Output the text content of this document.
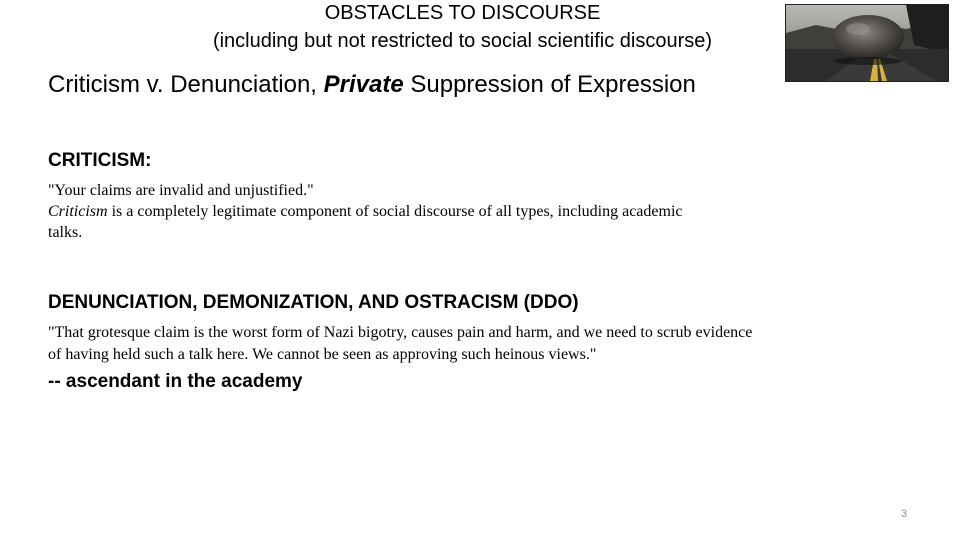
OBSTACLES TO DISCOURSE
(including but not restricted to social scientific discourse)
Criticism v. Denunciation, Private Suppression of Expression
CRITICISM:
"Your claims are invalid and unjustified."
Criticism is a completely legitimate component of social discourse of all types, including academic
talks.
DENUNCIATION, DEMONIZATION, AND OSTRACISM (DDO)
"That grotesque claim is the worst form of Nazi bigotry, causes pain and harm, and we need to scrub evidence
of having held such a talk here. We cannot be seen as approving such heinous views."
-- ascendant in the academy
3
